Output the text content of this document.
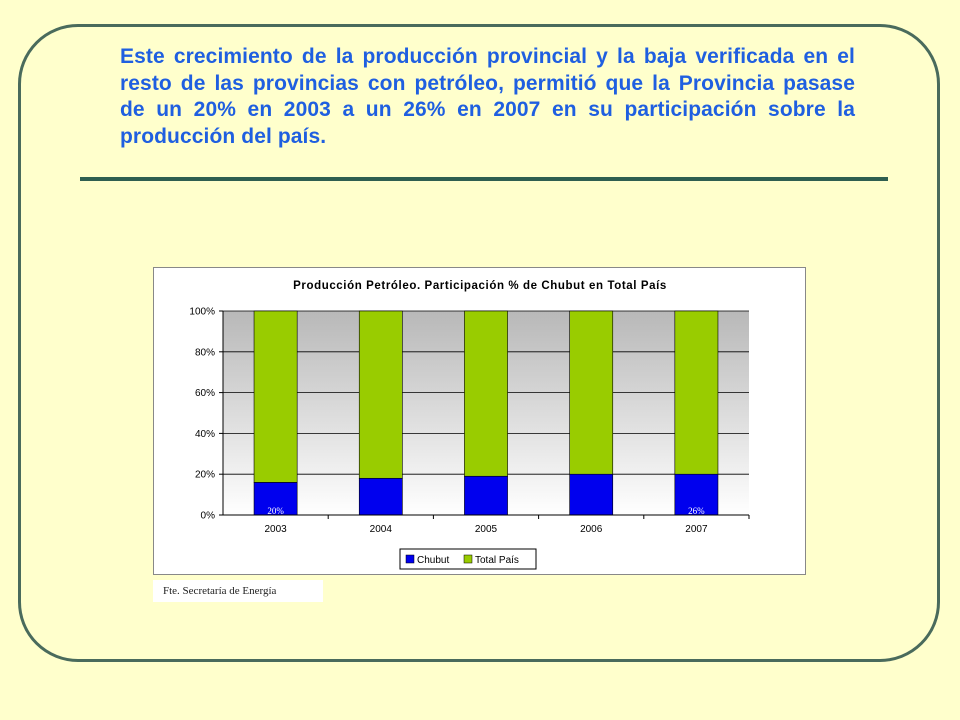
Este crecimiento de la producción provincial y la baja verificada en el resto de las provincias con petróleo, permitió que la Provincia pasase de un 20% en 2003 a un 26% en 2007 en su participación sobre la producción del país.

Producción Petróleo. Participación % de Chubut en Total País
0%
20%
40%
60%
80%
100%
2003	2004	2005	2006	2007
20%	26%
Chubut	Total País
Fte. Secretaría de Energía
